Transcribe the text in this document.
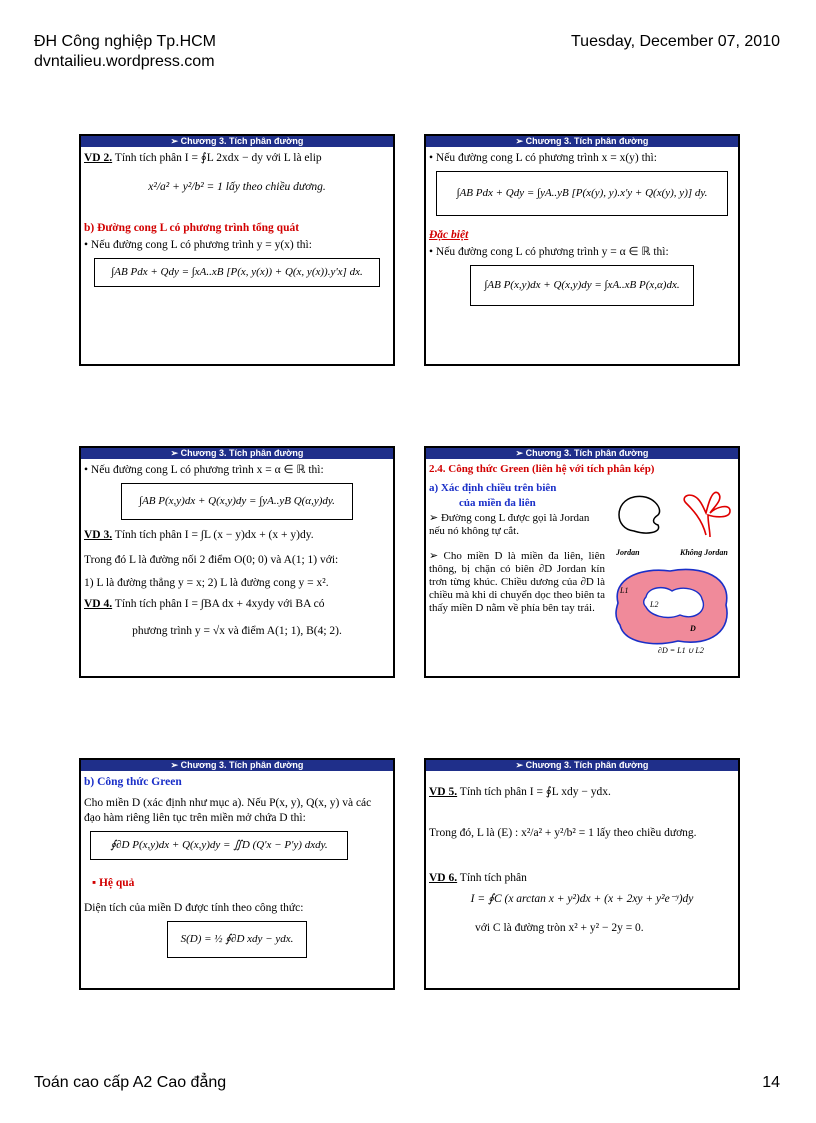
ĐH Công nghiệp Tp.HCM
dvntailieu.wordpress.com
Tuesday, December 07, 2010
➢ Chương 3. Tích phân đường
VD 2. Tính tích phân I = ∮L 2xdx − dy với L là elip
x²/a² + y²/b² = 1 lấy theo chiều dương.
b) Đường cong L có phương trình tổng quát
• Nếu đường cong L có phương trình y = y(x) thì:
∫AB Pdx + Qdy = ∫xA..xB [P(x, y(x)) + Q(x, y(x)).y'x] dx.
➢ Chương 3. Tích phân đường
• Nếu đường cong L có phương trình x = x(y) thì:
∫AB Pdx + Qdy = ∫yA..yB [P(x(y), y).x'y + Q(x(y), y)] dy.
Đặc biệt
• Nếu đường cong L có phương trình y = α ∈ ℝ thì:
∫AB P(x,y)dx + Q(x,y)dy = ∫xA..xB P(x,α)dx.
➢ Chương 3. Tích phân đường
• Nếu đường cong L có phương trình x = α ∈ ℝ thì:
∫AB P(x,y)dx + Q(x,y)dy = ∫yA..yB Q(α,y)dy.
VD 3. Tính tích phân I = ∫L (x − y)dx + (x + y)dy.
Trong đó L là đường nối 2 điểm O(0; 0) và A(1; 1) với:
1) L là đường thẳng y = x; 2) L là đường cong y = x².
VD 4. Tính tích phân I = ∫BA dx + 4xydy với BA có
phương trình y = √x và điểm A(1; 1), B(4; 2).
➢ Chương 3. Tích phân đường
2.4. Công thức Green (liên hệ với tích phân kép)
a) Xác định chiều trên biên
của miền đa liên
➢ Đường cong L được gọi là Jordan nếu nó không tự cắt.
➢ Cho miền D là miền đa liên, liên thông, bị chặn có biên ∂D Jordan kín trơn từng khúc. Chiều dương của ∂D là chiều mà khi di chuyển dọc theo biên ta thấy miền D nằm về phía bên tay trái.
Jordan	Không Jordan
L1
L2
D
∂D = L1 ∪ L2
➢ Chương 3. Tích phân đường
b) Công thức Green
Cho miền D (xác định như mục a). Nếu P(x, y), Q(x, y) và các đạo hàm riêng liên tục trên miền mở chứa D thì:
∮∂D P(x,y)dx + Q(x,y)dy = ∬D (Q'x − P'y) dxdy.
▪ Hệ quả
Diện tích của miền D được tính theo công thức:
S(D) = ½ ∮∂D xdy − ydx.
➢ Chương 3. Tích phân đường
VD 5. Tính tích phân I = ∮L xdy − ydx.
Trong đó, L là (E) : x²/a² + y²/b² = 1 lấy theo chiều dương.
VD 6. Tính tích phân
I = ∮C (x arctan x + y²)dx + (x + 2xy + y²e⁻ʸ)dy
với C là đường tròn x² + y² − 2y = 0.
Toán cao cấp A2 Cao đẳng	14
